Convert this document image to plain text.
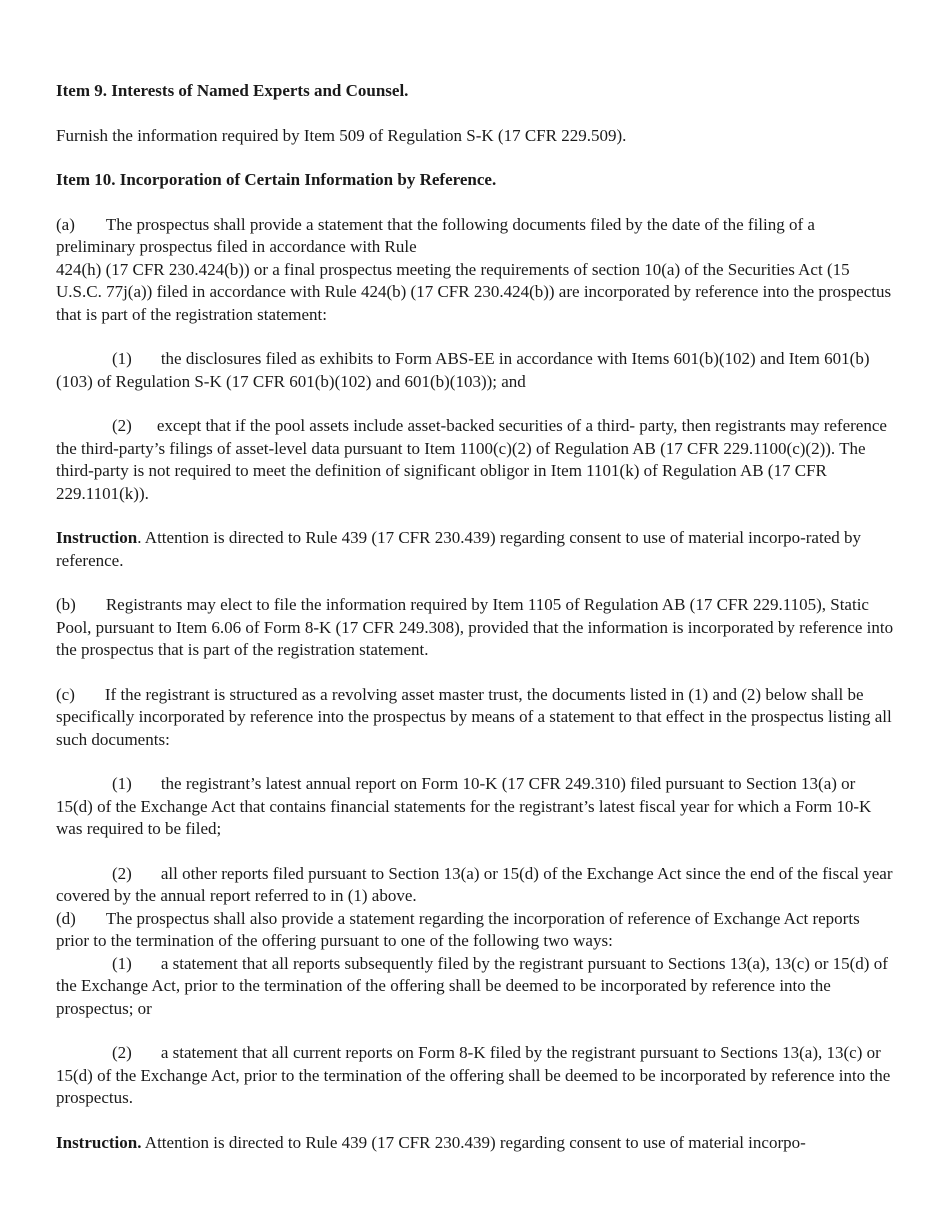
Item 9. Interests of Named Experts and Counsel.

Furnish the information required by Item 509 of Regulation S-K (17 CFR 229.509).

Item 10. Incorporation of Certain Information by Reference.

(a) The prospectus shall provide a statement that the following documents filed by the date of the filing of a preliminary prospectus filed in accordance with Rule

424(h) (17 CFR 230.424(b)) or a final prospectus meeting the requirements of section 10(a) of the Securities Act (15 U.S.C. 77j(a)) filed in accordance with Rule 424(b) (17 CFR 230.424(b)) are incorporated by reference into the prospectus that is part of the registration statement:

(1) the disclosures filed as exhibits to Form ABS-EE in accordance with Items 601(b)(102) and Item 601(b)(103) of Regulation S-K (17 CFR 601(b)(102) and 601(b)(103)); and

(2) except that if the pool assets include asset-backed securities of a third- party, then registrants may reference the third-party’s filings of asset-level data pursuant to Item 1100(c)(2) of Regulation AB (17 CFR 229.1100(c)(2)). The third-party is not required to meet the definition of significant obligor in Item 1101(k) of Regulation AB (17 CFR

229.1101(k)).

Instruction. Attention is directed to Rule 439 (17 CFR 230.439) regarding consent to use of material incorpo-rated by reference.

(b) Registrants may elect to file the information required by Item 1105 of Regulation AB (17 CFR 229.1105), Static Pool, pursuant to Item 6.06 of Form 8-K (17 CFR 249.308), provided that the information is incorporated by reference into the prospectus that is part of the registration statement.

(c) If the registrant is structured as a revolving asset master trust, the documents listed in (1) and (2) below shall be specifically incorporated by reference into the prospectus by means of a statement to that effect in the prospectus listing all such documents:

(1) the registrant’s latest annual report on Form 10-K (17 CFR 249.310) filed pursuant to Section 13(a) or 15(d) of the Exchange Act that contains financial statements for the registrant’s latest fiscal year for which a Form 10-K was required to be filed;

(2) all other reports filed pursuant to Section 13(a) or 15(d) of the Exchange Act since the end of the fiscal year covered by the annual report referred to in (1) above.

(d) The prospectus shall also provide a statement regarding the incorporation of reference of Exchange Act reports prior to the termination of the offering pursuant to one of the following two ways:

(1) a statement that all reports subsequently filed by the registrant pursuant to Sections 13(a), 13(c) or 15(d) of the Exchange Act, prior to the termination of the offering shall be deemed to be incorporated by reference into the prospectus; or

(2) a statement that all current reports on Form 8-K filed by the registrant pursuant to Sections 13(a), 13(c) or 15(d) of the Exchange Act, prior to the termination of the offering shall be deemed to be incorporated by reference into the prospectus.

Instruction. Attention is directed to Rule 439 (17 CFR 230.439) regarding consent to use of material incorpo-
